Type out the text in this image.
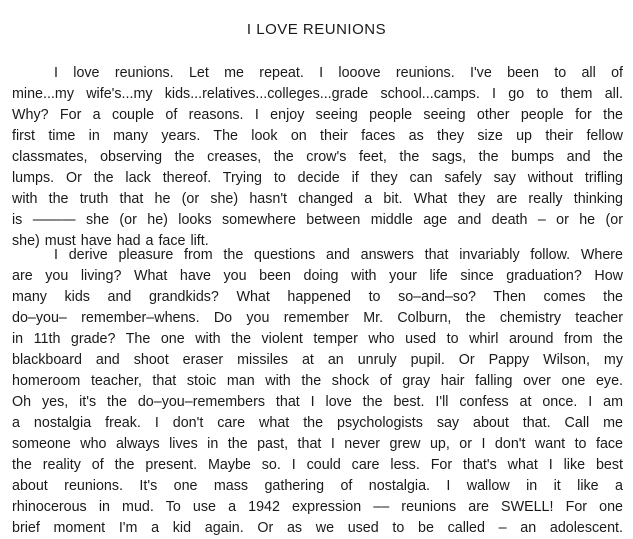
I LOVE REUNIONS
I love reunions. Let me repeat. I looove reunions. I've been to all of
mine...my wife's...my kids...relatives...colleges...grade school...camps. I go to them all.
Why? For a couple of reasons. I enjoy seeing people seeing other people for the
first time in many years. The look on their faces as they size up their fellow
classmates, observing the creases, the crow's feet, the sags, the bumps and the
lumps. Or the lack thereof. Trying to decide if they can safely say without trifling
with the truth that he (or she) hasn't changed a bit. What they are really thinking
is ——— she (or he) looks somewhere between middle age and death – or he (or
she) must have had a face lift.
I derive pleasure from the questions and answers that invariably follow. Where
are you living? What have you been doing with your life since graduation? How
many kids and grandkids? What happened to so–and–so? Then comes the
do–you– remember–whens. Do you remember Mr. Colburn, the chemistry teacher
in 11th grade? The one with the violent temper who used to whirl around from the
blackboard and shoot eraser missiles at an unruly pupil. Or Pappy Wilson, my
homeroom teacher, that stoic man with the shock of gray hair falling over one eye.
Oh yes, it's the do–you–remembers that I love the best. I'll confess at once. I am
a nostalgia freak. I don't care what the psychologists say about that. Call me
someone who always lives in the past, that I never grew up, or I don't want to face
the reality of the present. Maybe so. I could care less. For that's what I like best
about reunions. It's one mass gathering of nostalgia. I wallow in it like a
rhinocerous in mud. To use a 1942 expression –– reunions are SWELL! For one
brief moment I'm a kid again. Or as we used to be called – an adolescent.
